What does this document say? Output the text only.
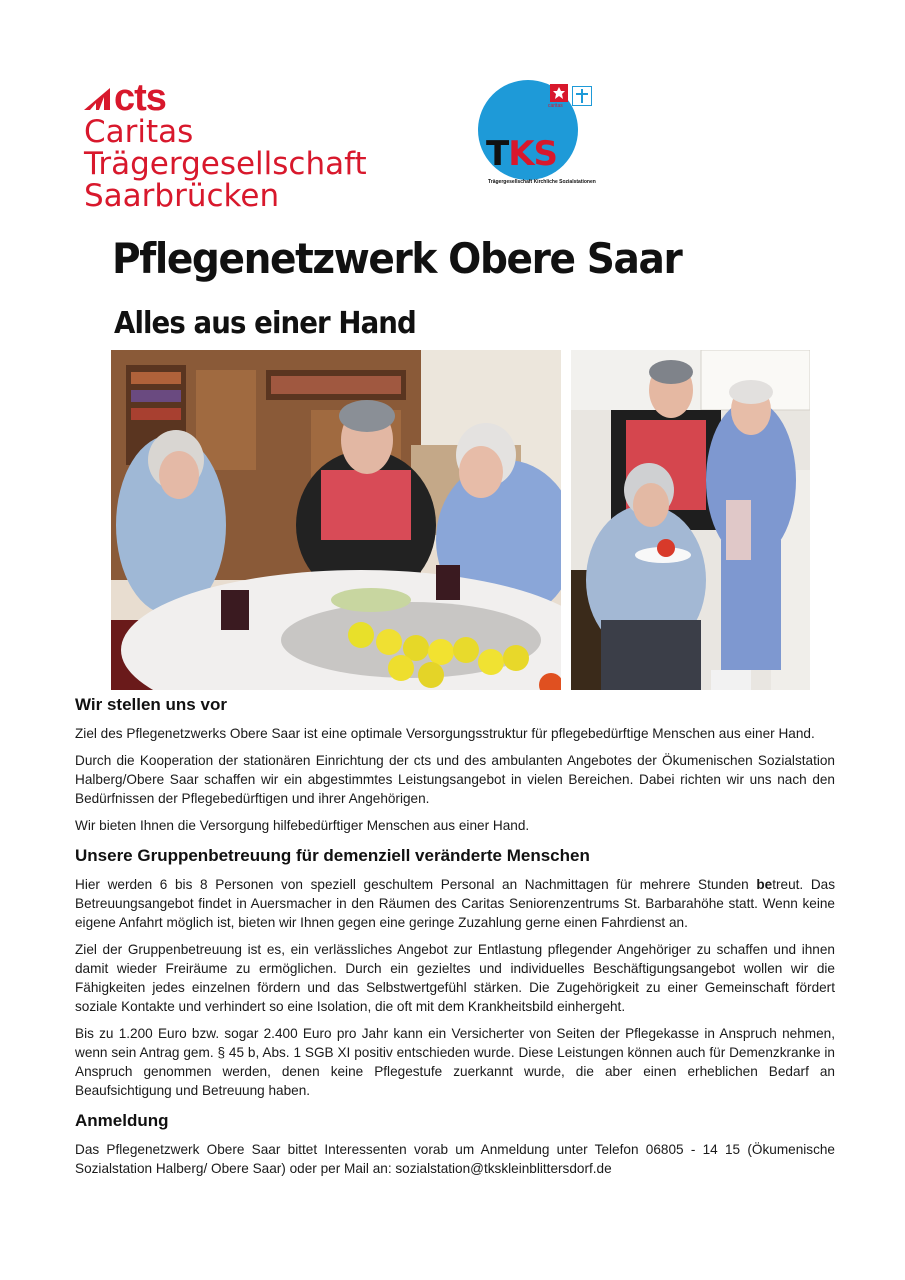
cts
Caritas
Trägergesellschaft
Saarbrücken
caritas
TKS
Trägergesellschaft Kirchliche Sozialstationen
Pflegenetzwerk Obere Saar
Alles aus einer Hand
Wir stellen uns vor

Ziel des Pflegenetzwerks Obere Saar ist eine optimale Versorgungsstruktur für pflegebedürftige Menschen aus einer Hand.

Durch die Kooperation der stationären Einrichtung der cts und des ambulanten Angebotes der Ökumenischen Sozialstation Halberg/Obere Saar schaffen wir ein abgestimmtes Leistungsangebot in vielen Bereichen. Dabei richten wir uns nach den Bedürfnissen der Pflegebedürftigen und ihrer Angehörigen.

Wir bieten Ihnen die Versorgung hilfebedürftiger Menschen aus einer Hand.

Unsere Gruppenbetreuung für demenziell veränderte Menschen

Hier werden 6 bis 8 Personen von speziell geschultem Personal an Nachmittagen für mehrere Stunden betreut. Das Betreuungsangebot findet in Auersmacher in den Räumen des Caritas Seniorenzentrums St. Barbarahöhe statt. Wenn keine eigene Anfahrt möglich ist, bieten wir Ihnen gegen eine geringe Zuzahlung gerne einen Fahrdienst an.

Ziel der Gruppenbetreuung ist es, ein verlässliches Angebot zur Entlastung pflegender Angehöriger zu schaffen und ihnen damit wieder Freiräume zu ermöglichen. Durch ein gezieltes und individuelles Beschäftigungsangebot wollen wir die Fähigkeiten jedes einzelnen fördern und das Selbstwertgefühl stärken. Die Zugehörigkeit zu einer Gemeinschaft fördert soziale Kontakte und verhindert so eine Isolation, die oft mit dem Krankheitsbild einhergeht.

Bis zu 1.200 Euro bzw. sogar 2.400 Euro pro Jahr kann ein Versicherter von Seiten der Pflegekasse in Anspruch nehmen, wenn sein Antrag gem. § 45 b, Abs. 1 SGB XI positiv entschieden wurde. Diese Leistungen können auch für Demenzkranke in Anspruch genommen werden, denen keine Pflegestufe zuerkannt wurde, die aber einen erheblichen Bedarf an Beaufsichtigung und Betreuung haben.

Anmeldung

Das Pflegenetzwerk Obere Saar bittet Interessenten vorab um Anmeldung unter Telefon 06805 - 14 15 (Ökumenische Sozialstation Halberg/ Obere Saar) oder per Mail an: sozialstation@tkskleinblittersdorf.de
